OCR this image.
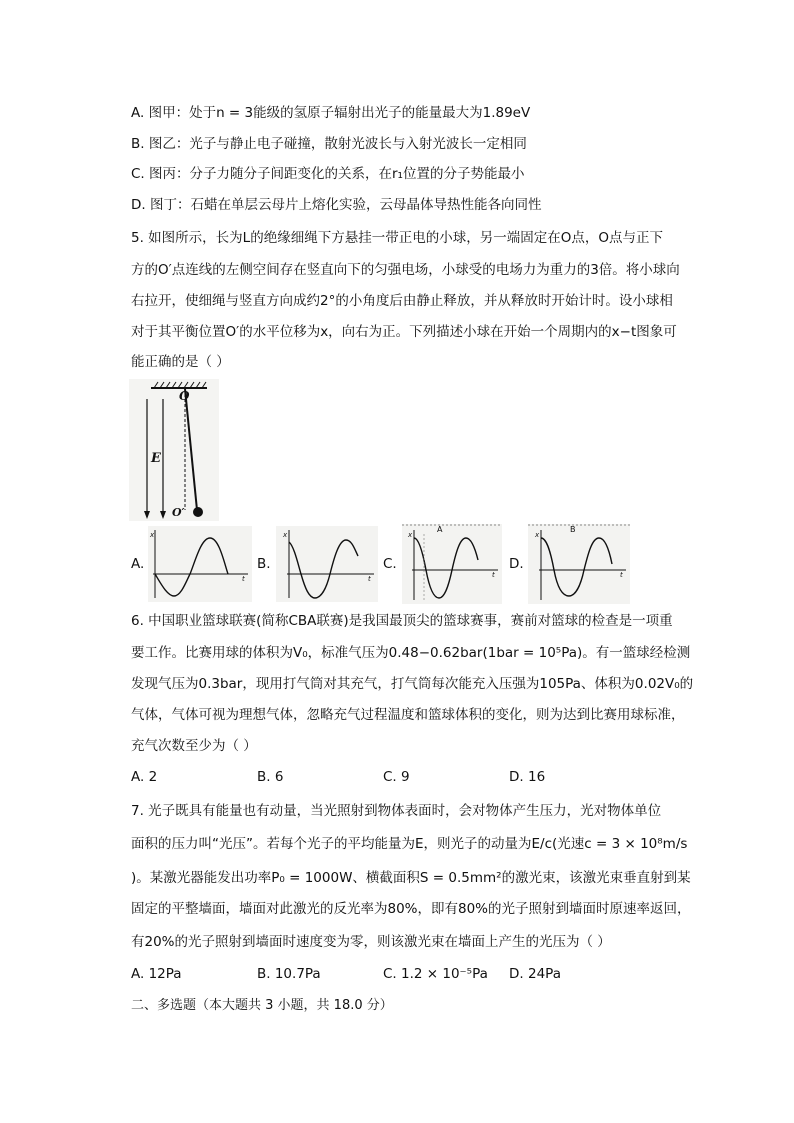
A. 图甲：处于n = 3能级的氢原子辐射出光子的能量最大为1.89eV
B. 图乙：光子与静止电子碰撞，散射光波长与入射光波长一定相同
C. 图丙：分子力随分子间距变化的关系，在r₁位置的分子势能最小
D. 图丁：石蜡在单层云母片上熔化实验，云母晶体导热性能各向同性
5. 如图所示，长为L的绝缘细绳下方悬挂一带正电的小球，另一端固定在O点，O点与正下
方的O′点连线的左侧空间存在竖直向下的匀强电场，小球受的电场力为重力的3倍。将小球向
右拉开，使细绳与竖直方向成约2°的小角度后由静止释放，并从释放时开始计时。设小球相
对于其平衡位置O′的水平位移为x，向右为正。下列描述小球在开始一个周期内的x−t图象可
能正确的是（ ）
O
O′
E
A.	B.	C.	D.
x
t
x
t
A
x
t
B
x
t
6. 中国职业篮球联赛(简称CBA联赛)是我国最顶尖的篮球赛事，赛前对篮球的检查是一项重
要工作。比赛用球的体积为V₀，标准气压为0.48−0.62bar(1bar = 10⁵Pa)。有一篮球经检测
发现气压为0.3bar，现用打气筒对其充气，打气筒每次能充入压强为105Pa、体积为0.02V₀的
气体，气体可视为理想气体，忽略充气过程温度和篮球体积的变化，则为达到比赛用球标准，
充气次数至少为（ ）
A. 2	B. 6	C. 9	D. 16
7. 光子既具有能量也有动量，当光照射到物体表面时，会对物体产生压力，光对物体单位
面积的压力叫“光压”。若每个光子的平均能量为E，则光子的动量为E/c(光速c = 3 × 10⁸m/s
)。某激光器能发出功率P₀ = 1000W、横截面积S = 0.5mm²的激光束，该激光束垂直射到某
固定的平整墙面，墙面对此激光的反光率为80%，即有80%的光子照射到墙面时原速率返回，
有20%的光子照射到墙面时速度变为零，则该激光束在墙面上产生的光压为（ ）
A. 12Pa	B. 10.7Pa	C. 1.2 × 10⁻⁵Pa D. 24Pa
二、多选题（本大题共 3 小题，共 18.0 分）
